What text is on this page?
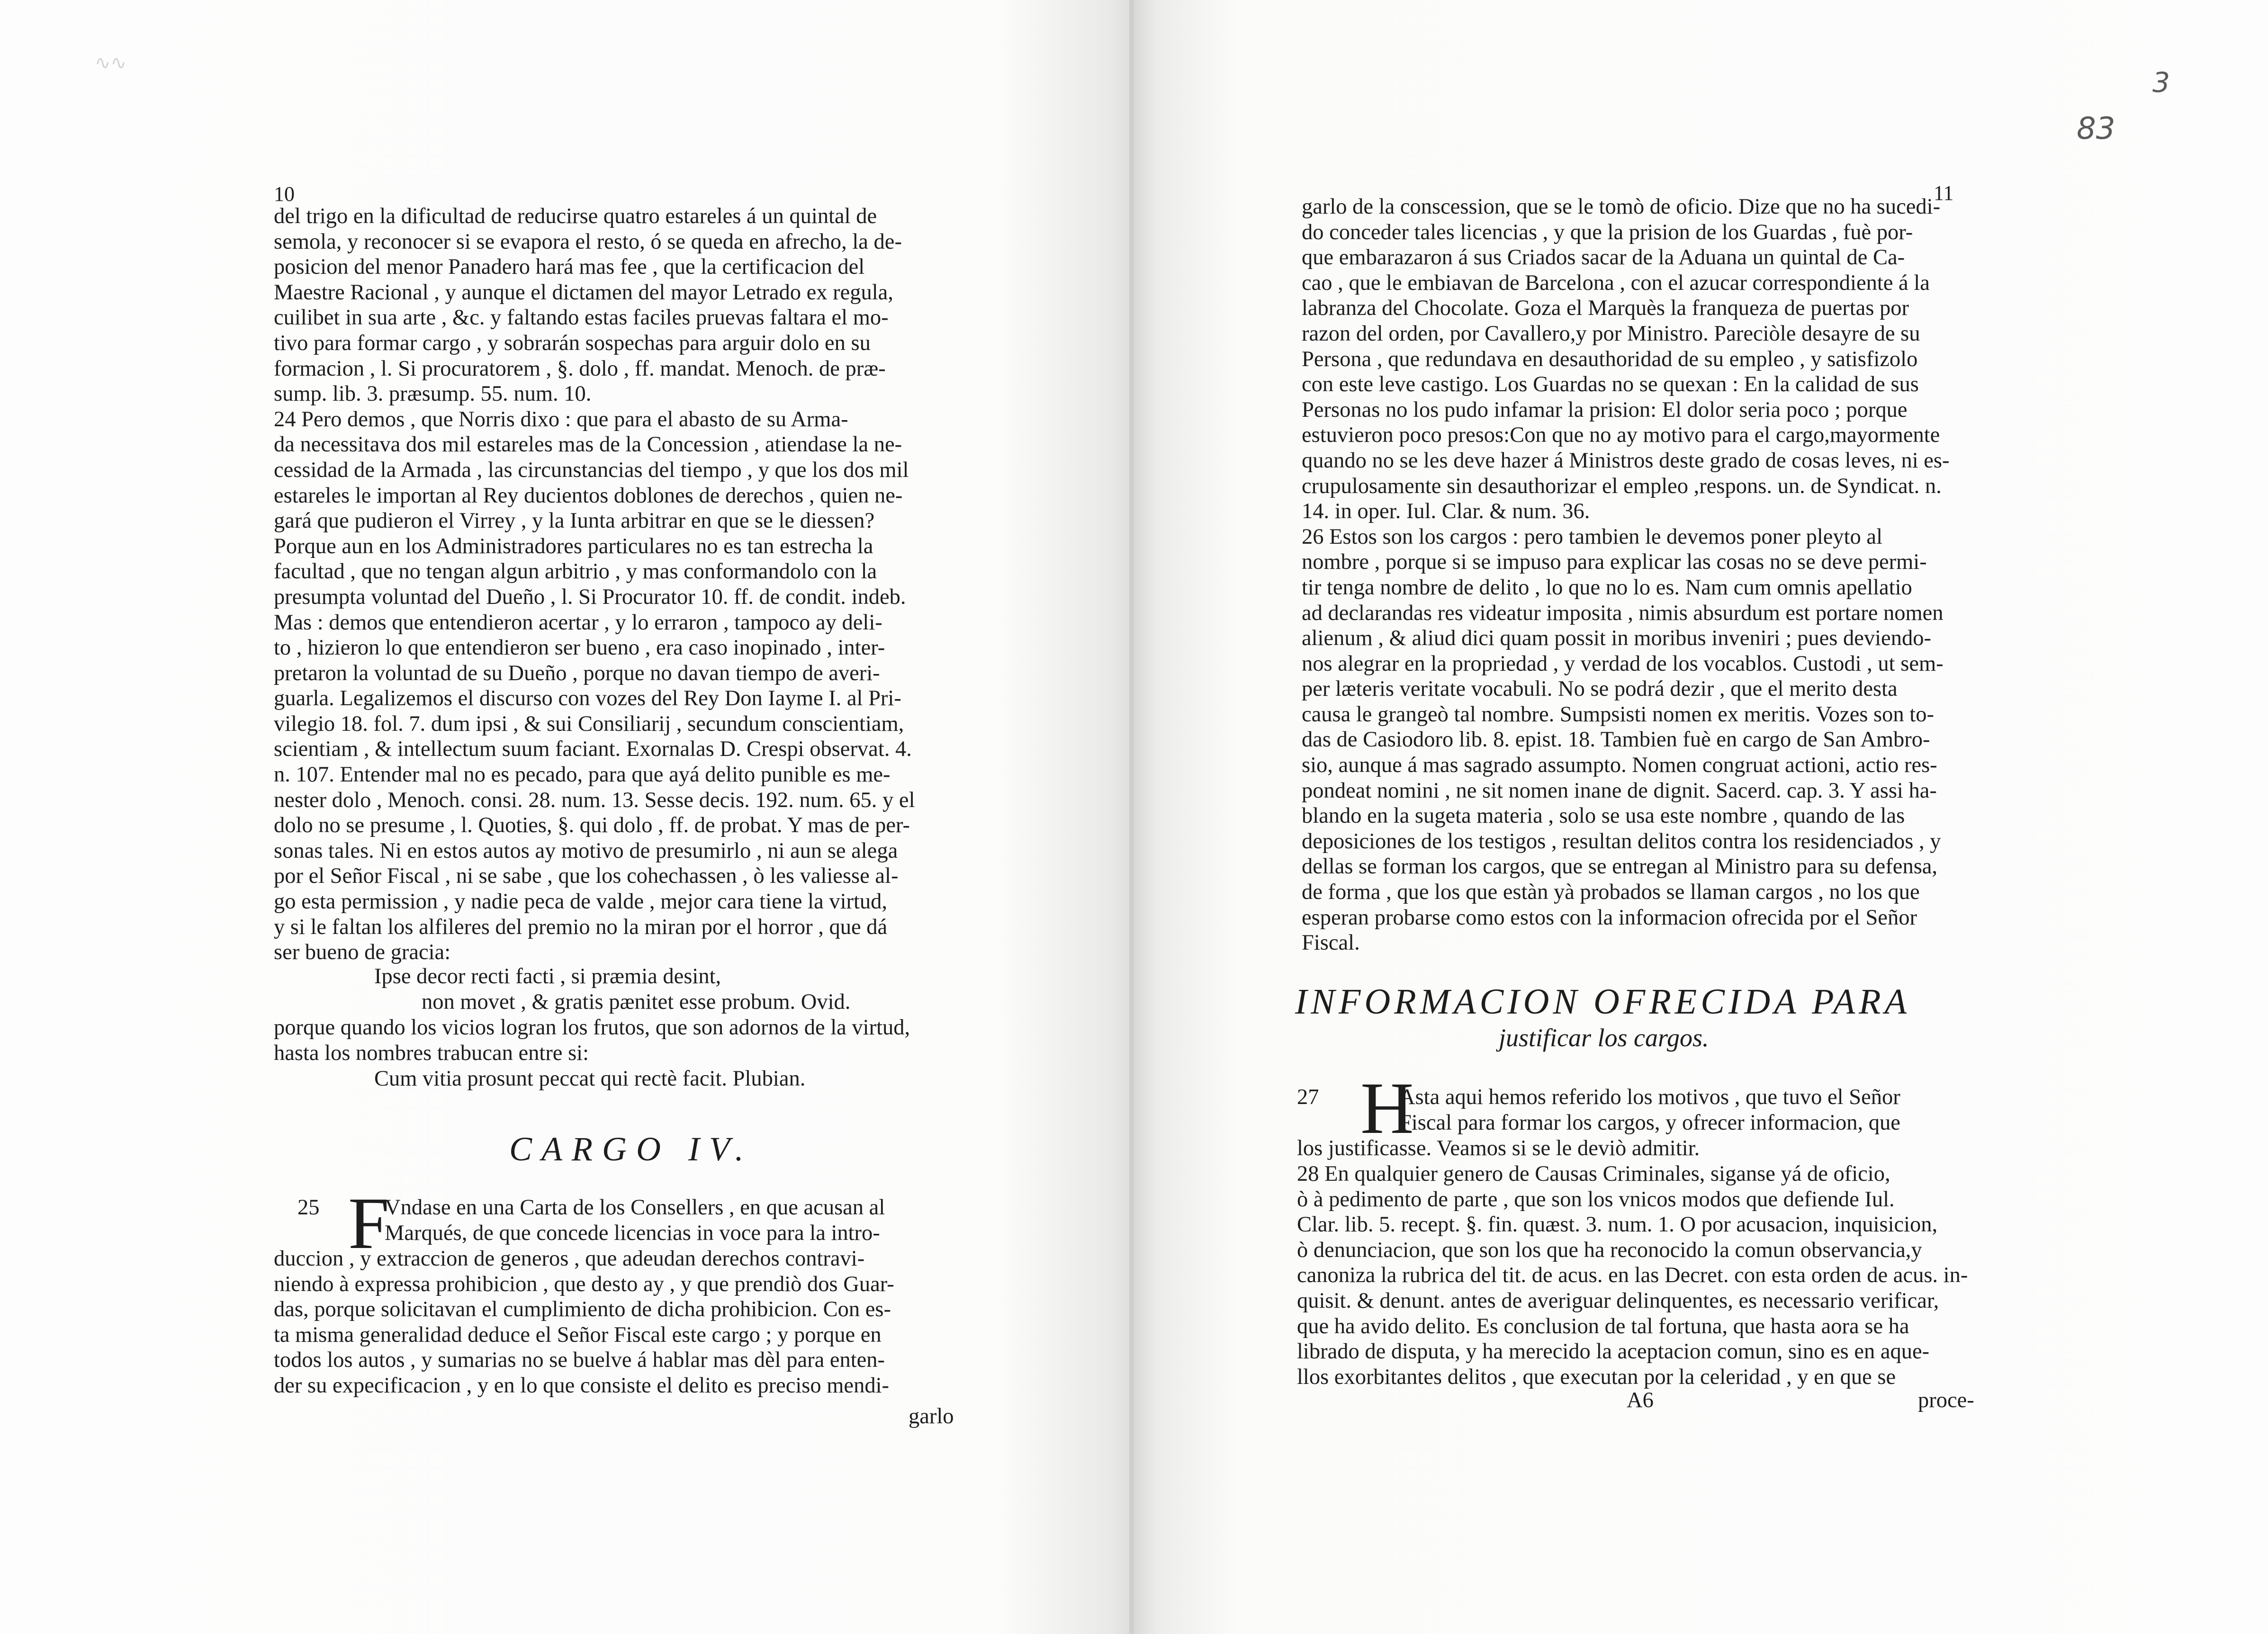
∿∿
10
del trigo en la dificultad de reducirse quatro estareles á un quintal de
semola, y reconocer si se evapora el resto, ó se queda en afrecho, la de-
posicion del menor Panadero hará mas fee , que la certificacion del
Maestre Racional , y aunque el dictamen del mayor Letrado ex regula,
cuilibet in sua arte , &c. y faltando estas faciles pruevas faltara el mo-
tivo para formar cargo , y sobrarán sospechas para arguir dolo en su
formacion , l. Si procuratorem , §. dolo , ff. mandat. Menoch. de præ-
sump. lib. 3. præsump. 55. num. 10.
24 Pero demos , que Norris dixo : que para el abasto de su Arma-
da necessitava dos mil estareles mas de la Concession , atiendase la ne-
cessidad de la Armada , las circunstancias del tiempo , y que los dos mil
estareles le importan al Rey ducientos doblones de derechos , quien ne-
gará que pudieron el Virrey , y la Iunta arbitrar en que se le diessen?
Porque aun en los Administradores particulares no es tan estrecha la
facultad , que no tengan algun arbitrio , y mas conformandolo con la
presumpta voluntad del Dueño , l. Si Procurator 10. ff. de condit. indeb.
Mas : demos que entendieron acertar , y lo erraron , tampoco ay deli-
to , hizieron lo que entendieron ser bueno , era caso inopinado , inter-
pretaron la voluntad de su Dueño , porque no davan tiempo de averi-
guarla. Legalizemos el discurso con vozes del Rey Don Iayme I. al Pri-
vilegio 18. fol. 7. dum ipsi , & sui Consiliarij , secundum conscientiam,
scientiam , & intellectum suum faciant. Exornalas D. Crespi observat. 4.
n. 107. Entender mal no es pecado, para que ayá delito punible es me-
nester dolo , Menoch. consi. 28. num. 13. Sesse decis. 192. num. 65. y el
dolo no se presume , l. Quoties, §. qui dolo , ff. de probat. Y mas de per-
sonas tales. Ni en estos autos ay motivo de presumirlo , ni aun se alega
por el Señor Fiscal , ni se sabe , que los cohechassen , ò les valiesse al-
go esta permission , y nadie peca de valde , mejor cara tiene la virtud,
y si le faltan los alfileres del premio no la miran por el horror , que dá
ser bueno de gracia:
Ipse decor recti facti , si præmia desint,
non movet , & gratis pænitet esse probum. Ovid.
porque quando los vicios logran los frutos, que son adornos de la virtud,
hasta los nombres trabucan entre si:
Cum vitia prosunt peccat qui rectè facit. Plubian.
CARGO IV.
25 F
Vndase en una Carta de los Consellers , en que acusan al
Marqués, de que concede licencias in voce para la intro-
duccion , y extraccion de generos , que adeudan derechos contravi-
niendo à expressa prohibicion , que desto ay , y que prendiò dos Guar-
das, porque solicitavan el cumplimiento de dicha prohibicion. Con es-
ta misma generalidad deduce el Señor Fiscal este cargo ; y porque en
todos los autos , y sumarias no se buelve á hablar mas dèl para enten-
der su expecificacion , y en lo que consiste el delito es preciso mendi-
garlo
3
83
11
garlo de la conscession, que se le tomò de oficio. Dize que no ha sucedi-
do conceder tales licencias , y que la prision de los Guardas , fuè por-
que embarazaron á sus Criados sacar de la Aduana un quintal de Ca-
cao , que le embiavan de Barcelona , con el azucar correspondiente á la
labranza del Chocolate. Goza el Marquès la franqueza de puertas por
razon del orden, por Cavallero,y por Ministro. Pareciòle desayre de su
Persona , que redundava en desauthoridad de su empleo , y satisfizolo
con este leve castigo. Los Guardas no se quexan : En la calidad de sus
Personas no los pudo infamar la prision: El dolor seria poco ; porque
estuvieron poco presos:Con que no ay motivo para el cargo,mayormente
quando no se les deve hazer á Ministros deste grado de cosas leves, ni es-
crupulosamente sin desauthorizar el empleo ,respons. un. de Syndicat. n.
14. in oper. Iul. Clar. & num. 36.
26 Estos son los cargos : pero tambien le devemos poner pleyto al
nombre , porque si se impuso para explicar las cosas no se deve permi-
tir tenga nombre de delito , lo que no lo es. Nam cum omnis apellatio
ad declarandas res videatur imposita , nimis absurdum est portare nomen
alienum , & aliud dici quam possit in moribus inveniri ; pues deviendo-
nos alegrar en la propriedad , y verdad de los vocablos. Custodi , ut sem-
per læteris veritate vocabuli. No se podrá dezir , que el merito desta
causa le grangeò tal nombre. Sumpsisti nomen ex meritis. Vozes son to-
das de Casiodoro lib. 8. epist. 18. Tambien fuè en cargo de San Ambro-
sio, aunque á mas sagrado assumpto. Nomen congruat actioni, actio res-
pondeat nomini , ne sit nomen inane de dignit. Sacerd. cap. 3. Y assi ha-
blando en la sugeta materia , solo se usa este nombre , quando de las
deposiciones de los testigos , resultan delitos contra los residenciados , y
dellas se forman los cargos, que se entregan al Ministro para su defensa,
de forma , que los que estàn yà probados se llaman cargos , no los que
esperan probarse como estos con la informacion ofrecida por el Señor
Fiscal.
INFORMACION OFRECIDA PARA
justificar los cargos.
27 H
Asta aqui hemos referido los motivos , que tuvo el Señor
Fiscal para formar los cargos, y ofrecer informacion, que
los justificasse. Veamos si se le deviò admitir.
28 En qualquier genero de Causas Criminales, siganse yá de oficio,
ò à pedimento de parte , que son los vnicos modos que defiende Iul.
Clar. lib. 5. recept. §. fin. quæst. 3. num. 1. O por acusacion, inquisicion,
ò denunciacion, que son los que ha reconocido la comun observancia,y
canoniza la rubrica del tit. de acus. en las Decret. con esta orden de acus. in-
quisit. & denunt. antes de averiguar delinquentes, es necessario verificar,
que ha avido delito. Es conclusion de tal fortuna, que hasta aora se ha
librado de disputa, y ha merecido la aceptacion comun, sino es en aque-
llos exorbitantes delitos , que executan por la celeridad , y en que se
A6	proce-
